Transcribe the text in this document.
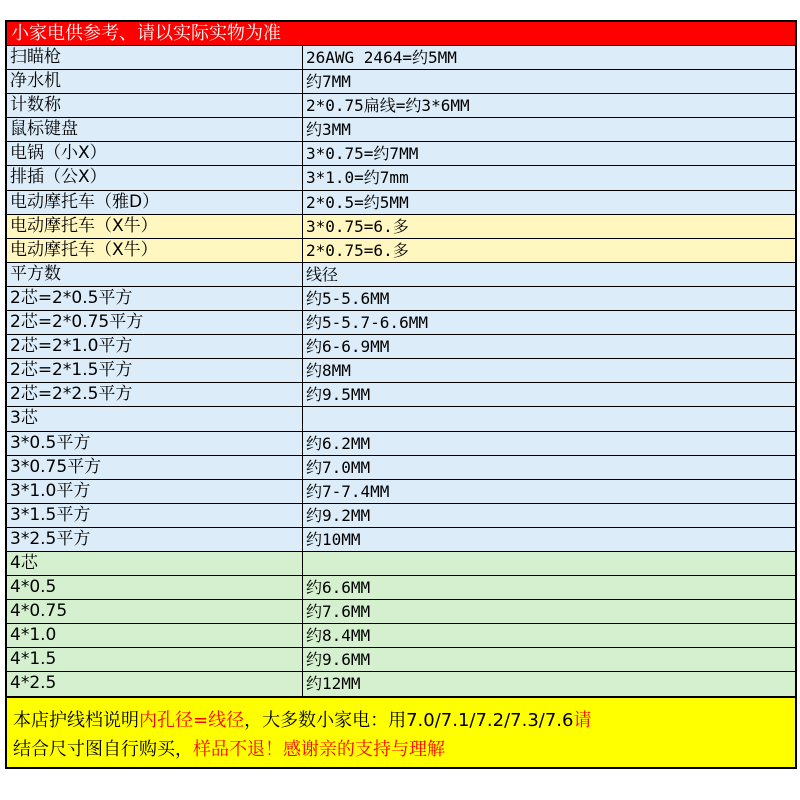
小家电供参考、请以实际实物为准
扫瞄枪	26AWG 2464=约5MM
净水机	约7MM
计数称	2*0.75扁线=约3*6MM
鼠标键盘	约3MM
电锅（小X）	3*0.75=约7MM
排插（公X）	3*1.0=约7mm
电动摩托车（雅D）	2*0.5=约5MM
电动摩托车（X牛）	3*0.75=6.多
电动摩托车（X牛）	2*0.75=6.多
平方数	线径
2芯=2*0.5平方	约5-5.6MM
2芯=2*0.75平方	约5-5.7-6.6MM
2芯=2*1.0平方	约6-6.9MM
2芯=2*1.5平方	约8MM
2芯=2*2.5平方	约9.5MM
3芯
3*0.5平方	约6.2MM
3*0.75平方	约7.0MM
3*1.0平方	约7-7.4MM
3*1.5平方	约9.2MM
3*2.5平方	约10MM
4芯
4*0.5	约6.6MM
4*0.75	约7.6MM
4*1.0	约8.4MM
4*1.5	约9.6MM
4*2.5	约12MM
本店护线档说明内孔径=线径，大多数小家电：用7.0/7.1/7.2/7.3/7.6请
结合尺寸图自行购买，样品不退！感谢亲的支持与理解
